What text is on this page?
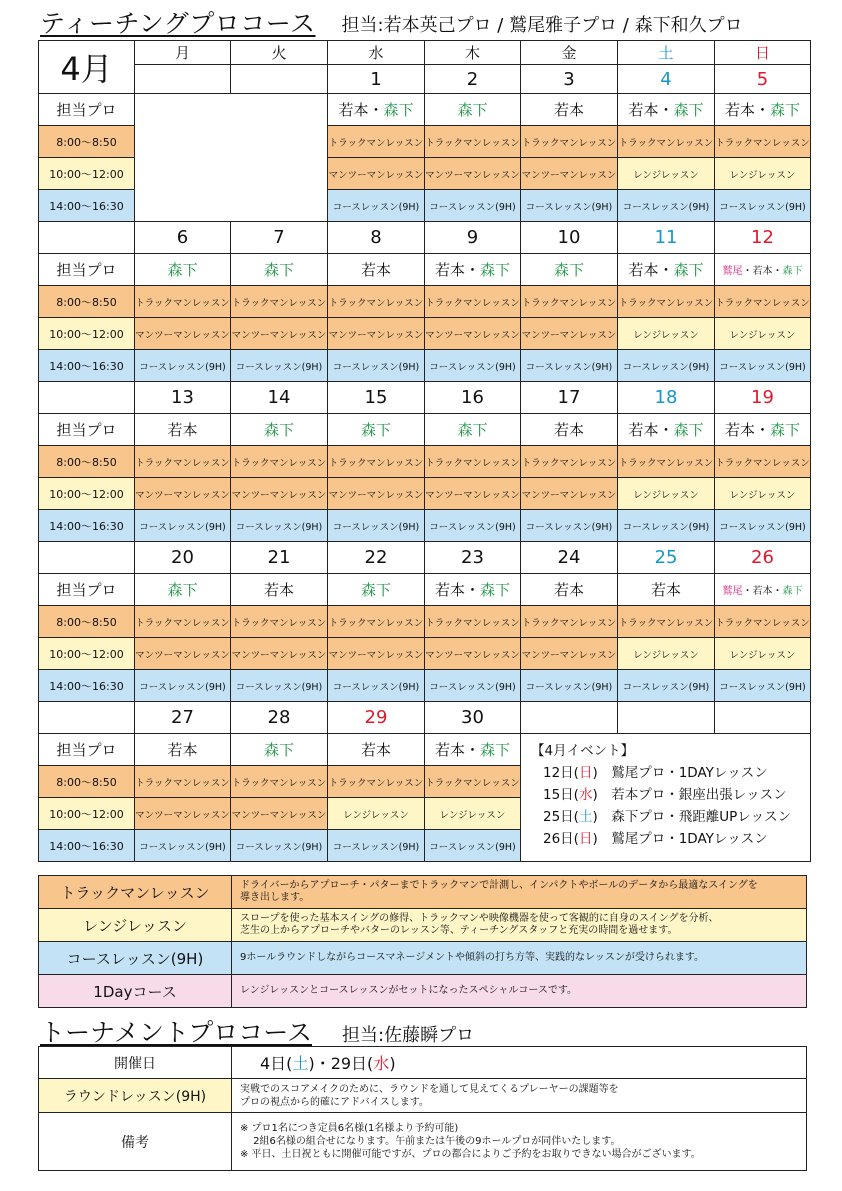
ティーチングプロコース 担当:若本英己プロ / 鷲尾雅子プロ / 森下和久プロ
4月	月	火	水	木	金	土	日
			1	2	3	4	5
担当プロ			若本・森下	森下	若本	若本・森下	若本・森下
8:00～8:50			トラックマンレッスン	トラックマンレッスン	トラックマンレッスン	トラックマンレッスン	トラックマンレッスン
10:00～12:00			マンツーマンレッスン	マンツーマンレッスン	マンツーマンレッスン	レンジレッスン	レンジレッスン
14:00～16:30			コースレッスン(9H)	コースレッスン(9H)	コースレッスン(9H)	コースレッスン(9H)	コースレッスン(9H)
	6	7	8	9	10	11	12
担当プロ	森下	森下	若本	若本・森下	森下	若本・森下	鷲尾・若本・森下
8:00～8:50	トラックマンレッスン	トラックマンレッスン	トラックマンレッスン	トラックマンレッスン	トラックマンレッスン	トラックマンレッスン	トラックマンレッスン
10:00～12:00	マンツーマンレッスン	マンツーマンレッスン	マンツーマンレッスン	マンツーマンレッスン	マンツーマンレッスン	レンジレッスン	レンジレッスン
14:00～16:30	コースレッスン(9H)	コースレッスン(9H)	コースレッスン(9H)	コースレッスン(9H)	コースレッスン(9H)	コースレッスン(9H)	コースレッスン(9H)
	13	14	15	16	17	18	19
担当プロ	若本	森下	森下	森下	若本	若本・森下	若本・森下
8:00～8:50	トラックマンレッスン	トラックマンレッスン	トラックマンレッスン	トラックマンレッスン	トラックマンレッスン	トラックマンレッスン	トラックマンレッスン
10:00～12:00	マンツーマンレッスン	マンツーマンレッスン	マンツーマンレッスン	マンツーマンレッスン	マンツーマンレッスン	レンジレッスン	レンジレッスン
14:00～16:30	コースレッスン(9H)	コースレッスン(9H)	コースレッスン(9H)	コースレッスン(9H)	コースレッスン(9H)	コースレッスン(9H)	コースレッスン(9H)
	20	21	22	23	24	25	26
担当プロ	森下	若本	森下	若本・森下	若本	若本	鷲尾・若本・森下
8:00～8:50	トラックマンレッスン	トラックマンレッスン	トラックマンレッスン	トラックマンレッスン	トラックマンレッスン	トラックマンレッスン	トラックマンレッスン
10:00～12:00	マンツーマンレッスン	マンツーマンレッスン	マンツーマンレッスン	マンツーマンレッスン	マンツーマンレッスン	レンジレッスン	レンジレッスン
14:00～16:30	コースレッスン(9H)	コースレッスン(9H)	コースレッスン(9H)	コースレッスン(9H)	コースレッスン(9H)	コースレッスン(9H)	コースレッスン(9H)
	27	28	29	30			
担当プロ	若本	森下	若本	若本・森下	【4月イベント】
12日(日)　鷲尾プロ・1DAYレッスン
15日(水)　若本プロ・銀座出張レッスン
25日(土)　森下プロ・飛距離UPレッスン
26日(日)　鷲尾プロ・1DAYレッスン		

8:00～8:50	トラックマンレッスン	トラックマンレッスン	トラックマンレッスン	トラックマンレッスン			
10:00～12:00	マンツーマンレッスン	マンツーマンレッスン	レンジレッスン	レンジレッスン			
14:00～16:30	コースレッスン(9H)	コースレッスン(9H)	コースレッスン(9H)	コースレッスン(9H)			
トラックマンレッスン	ドライバーからアプローチ・パターまでトラックマンで計測し、インパクトやボールのデータから最適なスイングを
導き出します。
レンジレッスン	スロープを使った基本スイングの修得、トラックマンや映像機器を使って客観的に自身のスイングを分析、
芝生の上からアプローチやバターのレッスン等、ティーチングスタッフと充実の時間を過せます。
コースレッスン(9H)	9ホールラウンドしながらコースマネージメントや傾斜の打ち方等、実践的なレッスンが受けられます。
1Dayコース	レンジレッスンとコースレッスンがセットになったスペシャルコースです。
トーナメントプロコース 担当:佐藤瞬プロ
開催日	4日(土)・29日(水)
ラウンドレッスン(9H)	実戦でのスコアメイクのために、ラウンドを通して見えてくるプレーヤーの課題等を
プロの視点から的確にアドバイスします。
備考	※ プロ1名につき定員6名様(1名様より予約可能)
　 2組6名様の組合せになります。午前または午後の9ホールプロが同伴いたします。
※ 平日、土日祝ともに開催可能ですが、プロの都合によりご予約をお取りできない場合がございます。
